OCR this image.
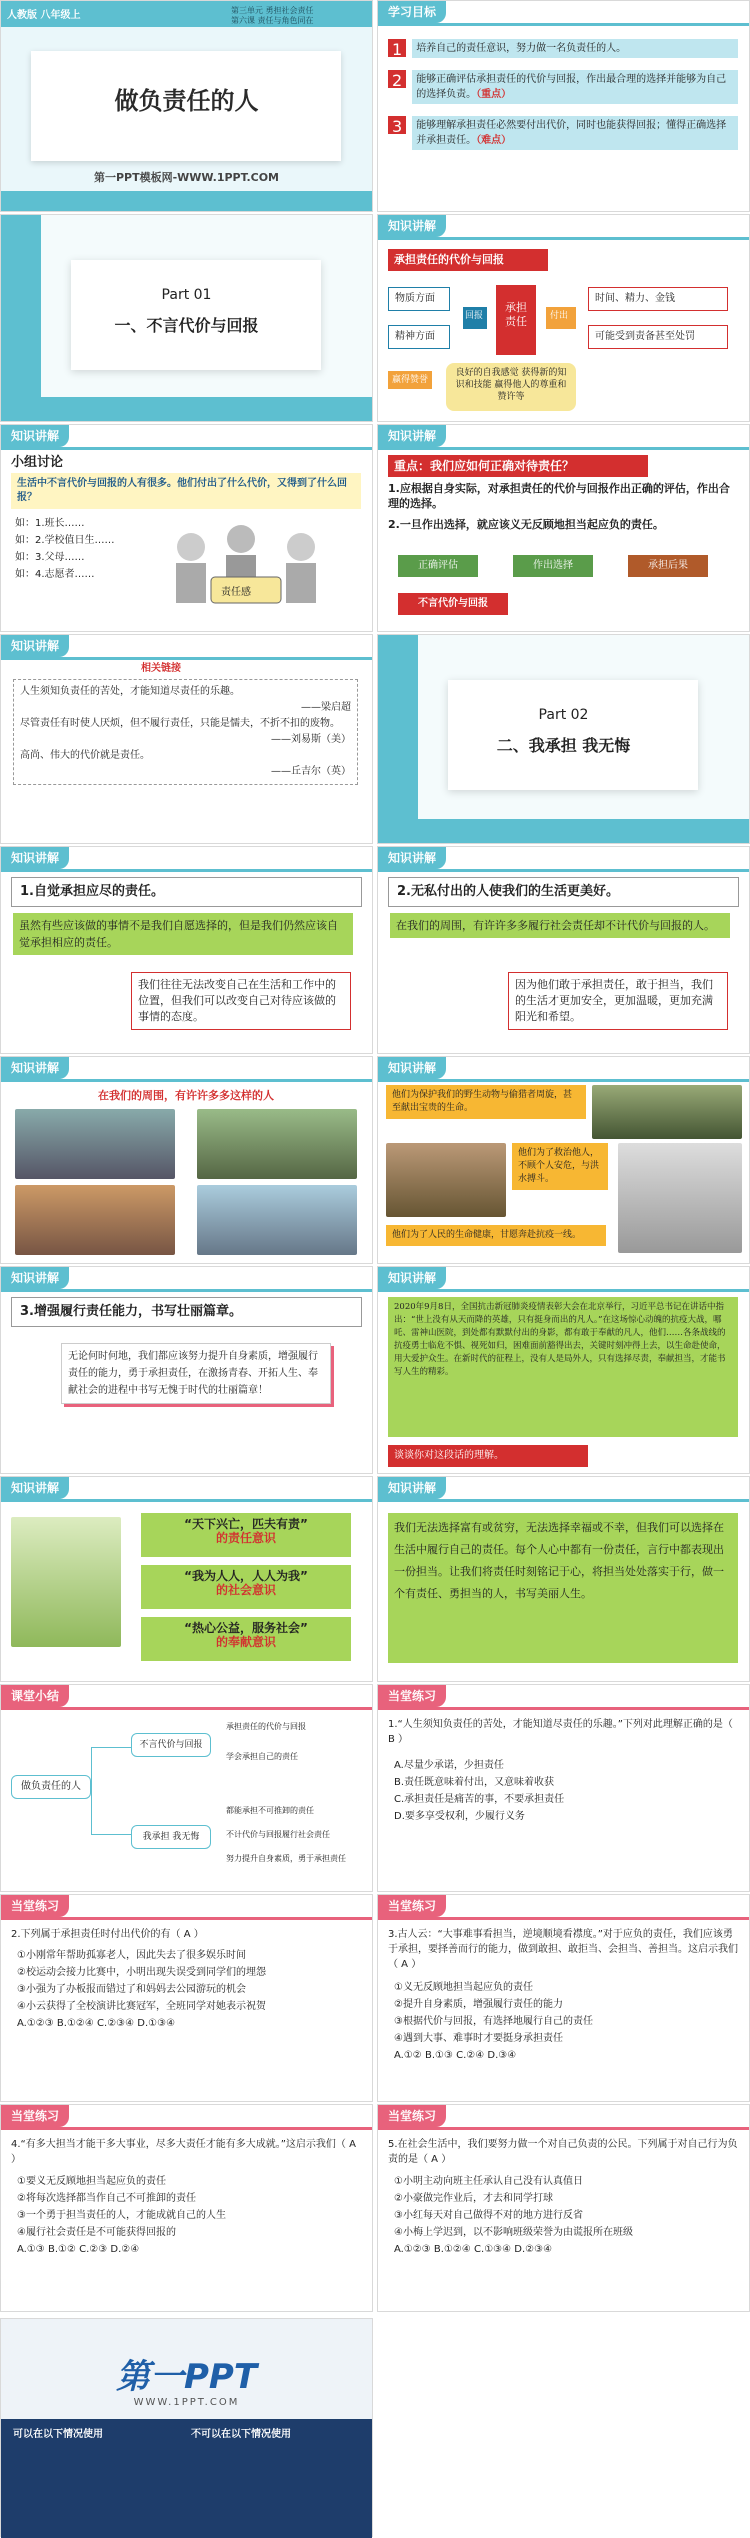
人教版 八年级上	第三单元 勇担社会责任
第六课 责任与角色同在
做负责任的人
第一PPT模板网-WWW.1PPT.COM
学习目标
1	培养自己的责任意识，努力做一名负责任的人。
2	能够正确评估承担责任的代价与回报，作出最合理的选择并能够为自己的选择负责。（重点）
3	能够理解承担责任必然要付出代价，同时也能获得回报；懂得正确选择并承担责任。（难点）
Part 01
一、不言代价与回报
知识讲解
承担责任的代价与回报
物质方面
精神方面
回报
承担责任	付出
时间、精力、金钱
可能受到责备甚至处罚
良好的自我感觉 获得新的知识和技能 赢得他人的尊重和赞许等
赢得赞誉
知识讲解
小组讨论
生活中不言代价与回报的人有很多。他们付出了什么代价，又得到了什么回报？
如：1.班长……
如：2.学校值日生……
如：3.父母……
如：4.志愿者……
责任感
知识讲解
重点：我们应如何正确对待责任？
1.应根据自身实际，对承担责任的代价与回报作出正确的评估，作出合理的选择。
2.一旦作出选择，就应该义无反顾地担当起应负的责任。
正确评估	作出选择	承担后果
不言代价与回报
知识讲解
相关链接
人生须知负责任的苦处，才能知道尽责任的乐趣。
——梁启超
尽管责任有时使人厌烦，但不履行责任，只能是懦夫，不折不扣的废物。
——刘易斯（美）
高尚、伟大的代价就是责任。
——丘吉尔（英）
Part 02
二、我承担 我无悔
知识讲解
1.自觉承担应尽的责任。
虽然有些应该做的事情不是我们自愿选择的，但是我们仍然应该自觉承担相应的责任。
我们往往无法改变自己在生活和工作中的位置，但我们可以改变自己对待应该做的事情的态度。
知识讲解
2.无私付出的人使我们的生活更美好。
在我们的周围，有许许多多履行社会责任却不计代价与回报的人。
因为他们敢于承担责任，敢于担当，我们的生活才更加安全，更加温暖，更加充满阳光和希望。
知识讲解
在我们的周围，有许许多多这样的人
知识讲解
他们为保护我们的野生动物与偷猎者周旋，甚至献出宝贵的生命。
他们为了救治他人，不顾个人安危，与洪水搏斗。
他们为了人民的生命健康，甘愿奔赴抗疫一线。
知识讲解
3.增强履行责任能力，书写壮丽篇章。
无论何时何地，我们都应该努力提升自身素质，增强履行责任的能力，勇于承担责任，在激扬青春、开拓人生、奉献社会的进程中书写无愧于时代的壮丽篇章！
知识讲解
2020年9月8日，全国抗击新冠肺炎疫情表彰大会在北京举行，习近平总书记在讲话中指出：“世上没有从天而降的英雄，只有挺身而出的凡人。”在这场惊心动魄的抗疫大战，哪吒、雷神山医院，到处都有默默付出的身影，都有敢于奉献的凡人，他们……各条战线的抗疫勇士临危不惧、视死如归，困难面前豁得出去，关键时刻冲得上去，以生命赴使命，用大爱护众生。在新时代的征程上，没有人是局外人，只有选择尽责，奉献担当，才能书写人生的精彩。
谈谈你对这段话的理解。
知识讲解
“天下兴亡，匹夫有责”
的责任意识
“我为人人，人人为我”
的社会意识
“热心公益，服务社会”
的奉献意识
知识讲解
我们无法选择富有或贫穷，无法选择幸福或不幸，但我们可以选择在生活中履行自己的责任。每个人心中都有一份责任，言行中都表现出一份担当。让我们将责任时刻铭记于心，将担当处处落实于行，做一个有责任、勇担当的人，书写美丽人生。
课堂小结
做负责任的人
不言代价与回报
我承担 我无悔
承担责任的代价与回报
学会承担自己的责任
都能承担不可推卸的责任
不计代价与回报履行社会责任
努力提升自身素质，勇于承担责任
当堂练习
1.“人生须知负责任的苦处，才能知道尽责任的乐趣。”下列对此理解正确的是（ B ）
A.尽量少承诺，少担责任
B.责任既意味着付出，又意味着收获
C.承担责任是痛苦的事，不要承担责任
D.要多享受权利，少履行义务
当堂练习
2.下列属于承担责任时付出代价的有（ A ）
①小刚常年帮助孤寡老人，因此失去了很多娱乐时间
②校运动会接力比赛中，小明出现失误受到同学们的埋怨
③小强为了办板报而错过了和妈妈去公园游玩的机会
④小云获得了全校演讲比赛冠军，全班同学对她表示祝贺
A.①②③ B.①②④ C.②③④ D.①③④
当堂练习
3.古人云：“大事难事看担当，逆境顺境看襟度。”对于应负的责任，我们应该勇于承担，要择善而行的能力，做到敢担、敢拒当、会担当、善担当。这启示我们（ A ）
①义无反顾地担当起应负的责任
②提升自身素质，增强履行责任的能力
③根据代价与回报，有选择地履行自己的责任
④遇到大事、难事时才要挺身承担责任
A.①② B.①③ C.②④ D.③④
当堂练习
4.“有多大担当才能干多大事业，尽多大责任才能有多大成就。”这启示我们（ A ）
①要义无反顾地担当起应负的责任
②将每次选择都当作自己不可推卸的责任
③一个勇于担当责任的人，才能成就自己的人生
④履行社会责任是不可能获得回报的
A.①③ B.①② C.②③ D.②④
当堂练习
5.在社会生活中，我们要努力做一个对自己负责的公民。下列属于对自己行为负责的是（ A ）
①小明主动向班主任承认自己没有认真值日
②小豪做完作业后，才去和同学打球
③小红每天对自己做得不对的地方进行反省
④小梅上学迟到，以不影响班级荣誉为由谎报所在班级
A.①②③ B.①②④ C.①③④ D.②③④
第一PPT
WWW.1PPT.COM
可以在以下情况使用	不可以在以下情况使用
